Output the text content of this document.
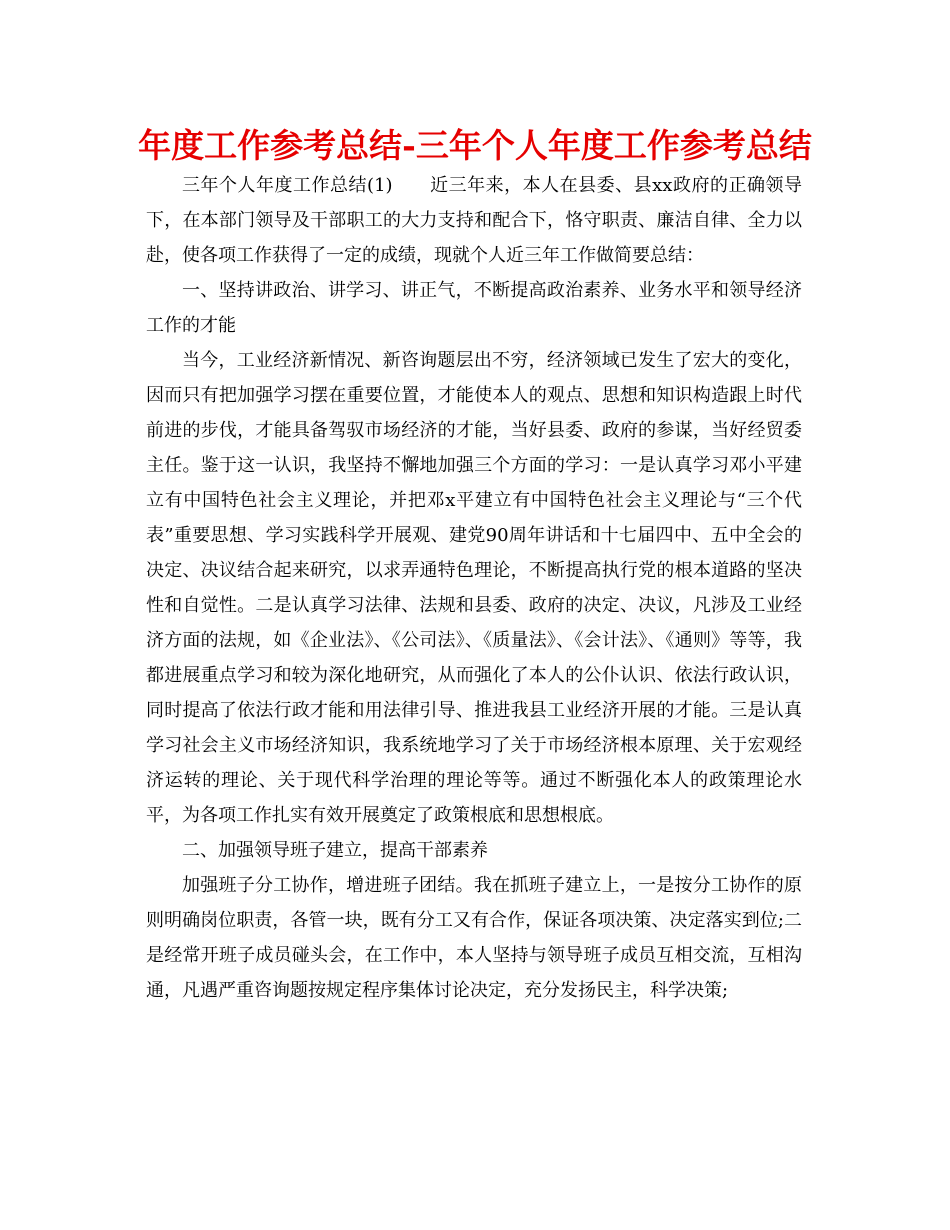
年度工作参考总结-三年个人年度工作参考总结

三年个人年度工作总结(1)　　近三年来，本人在县委、县xx政府的正确领导下，在本部门领导及干部职工的大力支持和配合下，恪守职责、廉洁自律、全力以赴，使各项工作获得了一定的成绩，现就个人近三年工作做简要总结：

一、坚持讲政治、讲学习、讲正气，不断提高政治素养、业务水平和领导经济工作的才能

当今，工业经济新情况、新咨询题层出不穷，经济领域已发生了宏大的变化，因而只有把加强学习摆在重要位置，才能使本人的观点、思想和知识构造跟上时代前进的步伐，才能具备驾驭市场经济的才能，当好县委、政府的参谋，当好经贸委主任。鉴于这一认识，我坚持不懈地加强三个方面的学习：一是认真学习邓小平建立有中国特色社会主义理论，并把邓x平建立有中国特色社会主义理论与“三个代表”重要思想、学习实践科学开展观、建党90周年讲话和十七届四中、五中全会的决定、决议结合起来研究，以求弄通特色理论，不断提高执行党的根本道路的坚决性和自觉性。二是认真学习法律、法规和县委、政府的决定、决议，凡涉及工业经济方面的法规，如《企业法》、《公司法》、《质量法》、《会计法》、《通则》等等，我都进展重点学习和较为深化地研究，从而强化了本人的公仆认识、依法行政认识，同时提高了依法行政才能和用法律引导、推进我县工业经济开展的才能。三是认真学习社会主义市场经济知识，我系统地学习了关于市场经济根本原理、关于宏观经济运转的理论、关于现代科学治理的理论等等。通过不断强化本人的政策理论水平，为各项工作扎实有效开展奠定了政策根底和思想根底。

二、加强领导班子建立，提高干部素养

加强班子分工协作，增进班子团结。我在抓班子建立上，一是按分工协作的原则明确岗位职责，各管一块，既有分工又有合作，保证各项决策、决定落实到位;二是经常开班子成员碰头会，在工作中，本人坚持与领导班子成员互相交流，互相沟通，凡遇严重咨询题按规定程序集体讨论决定，充分发扬民主，科学决策;
